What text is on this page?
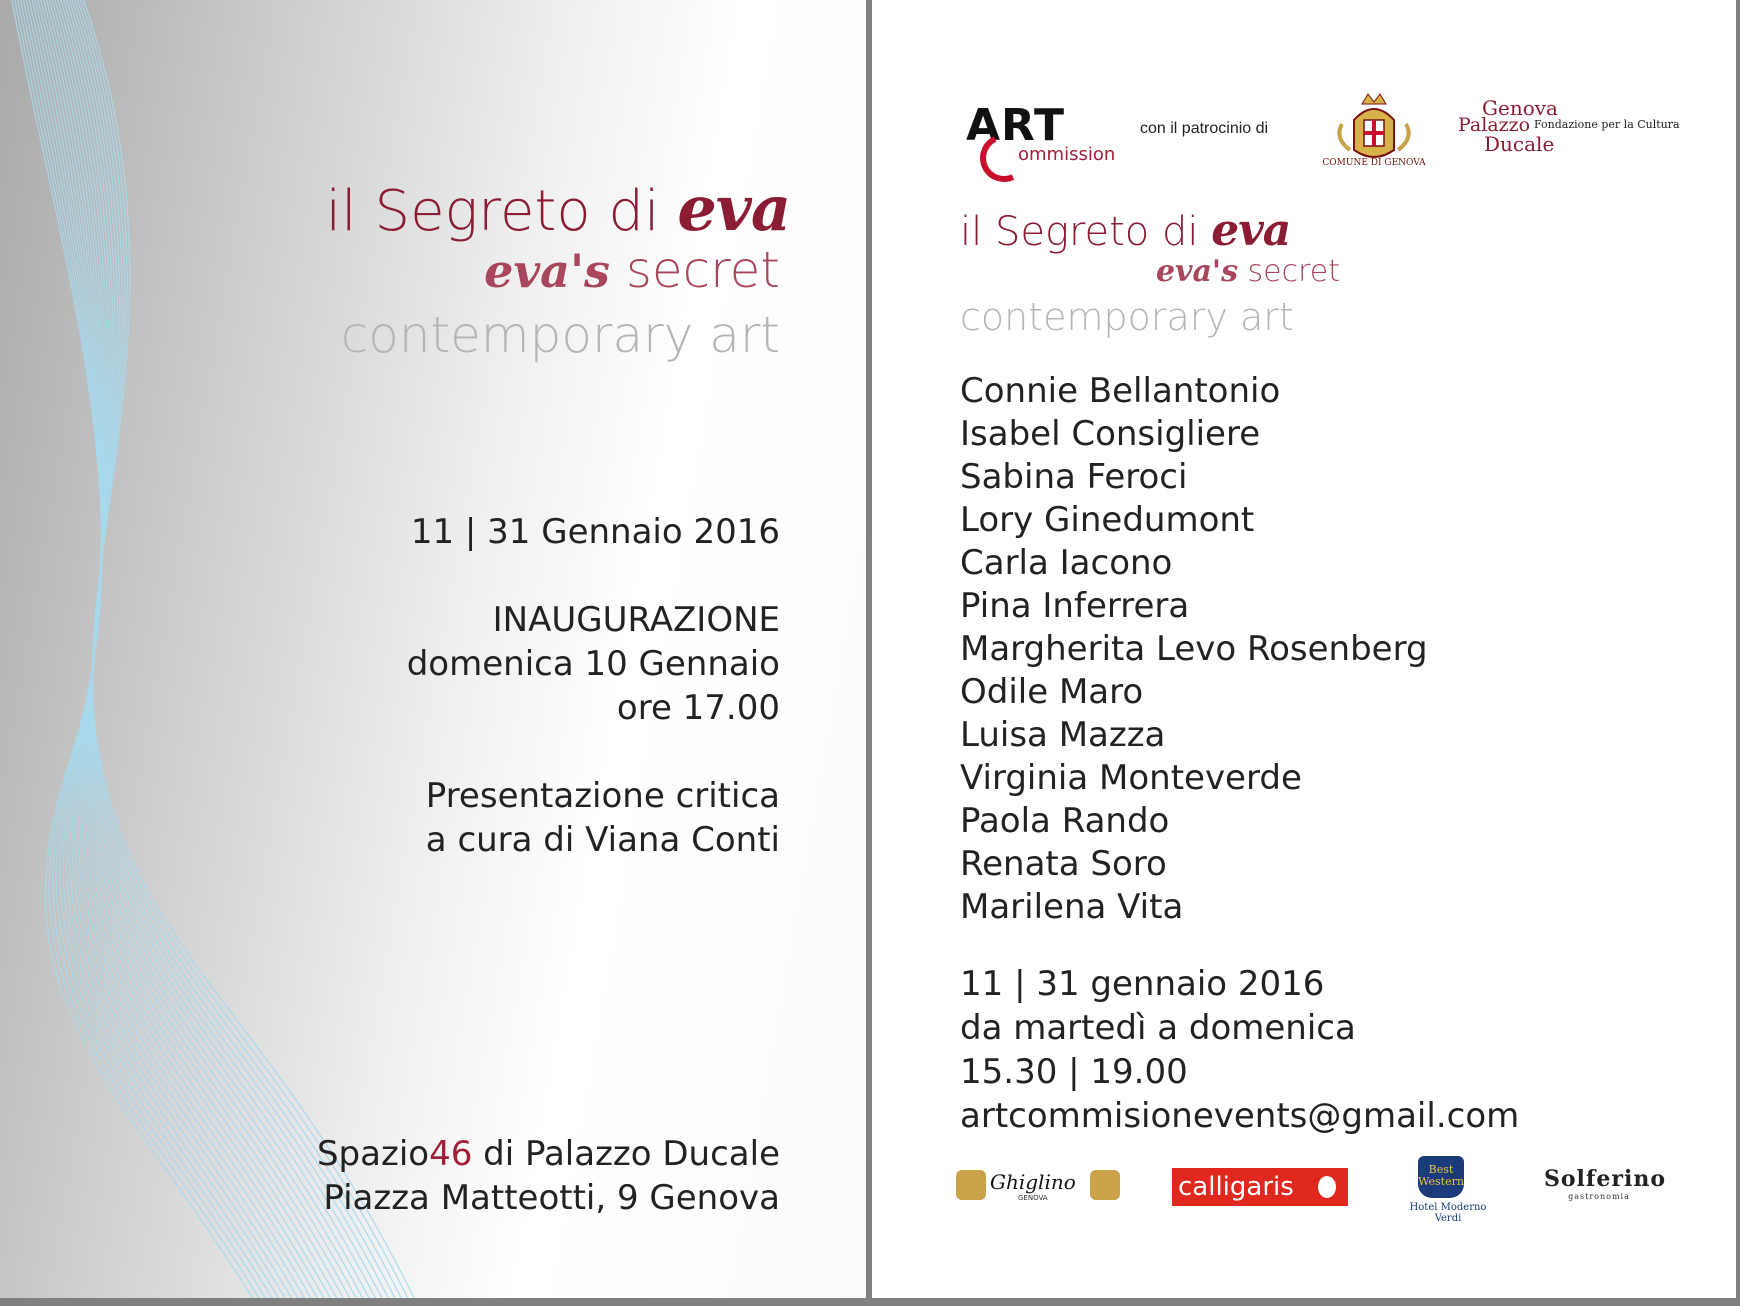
il Segreto di eva
eva's secret
contemporary art
11 | 31 Gennaio 2016
INAUGURAZIONE
domenica 10 Gennaio
ore 17.00
Presentazione critica
a cura di Viana Conti
Spazio46 di Palazzo Ducale
Piazza Matteotti, 9 Genova
ART
ommission
con il patrocinio di
COMUNE DI GENOVA
Genova
Palazzo
Ducale
Fondazione per la Cultura
il Segreto di eva
eva's secret
contemporary art
Connie Bellantonio
Isabel Consigliere
Sabina Feroci
Lory Ginedumont
Carla Iacono
Pina Inferrera
Margherita Levo Rosenberg
Odile Maro
Luisa Mazza
Virginia Monteverde
Paola Rando
Renata Soro
Marilena Vita
11 | 31 gennaio 2016
da martedì a domenica
15.30 | 19.00
artcommisionevents@gmail.com
Ghiglino
GENOVA	calligaris
Best
Western
Hotel Moderno Verdi
Solferino
gastronomia
